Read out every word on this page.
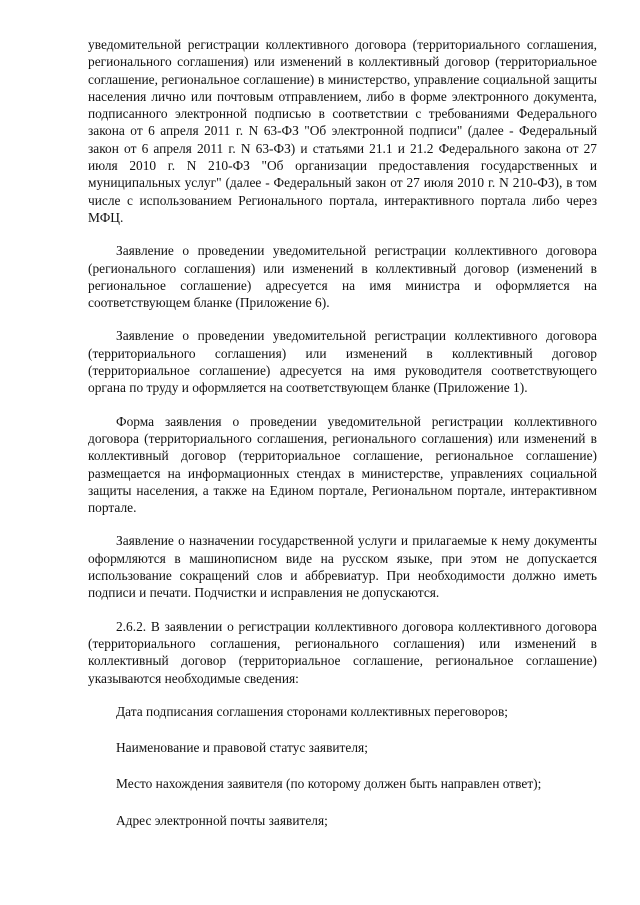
уведомительной регистрации коллективного договора (территориального соглашения, регионального соглашения) или изменений в коллективный договор (территориальное соглашение, региональное соглашение) в министерство, управление социальной защиты населения лично или почтовым отправлением, либо в форме электронного документа, подписанного электронной подписью в соответствии с требованиями Федерального закона от 6 апреля 2011 г. N 63-ФЗ "Об электронной подписи" (далее - Федеральный закон от 6 апреля 2011 г. N 63-ФЗ) и статьями 21.1 и 21.2 Федерального закона от 27 июля 2010 г. N 210-ФЗ "Об организации предоставления государственных и муниципальных услуг" (далее - Федеральный закон от 27 июля 2010 г. N 210-ФЗ), в том числе с использованием Регионального портала, интерактивного портала либо через МФЦ.

Заявление о проведении уведомительной регистрации коллективного договора (регионального соглашения) или изменений в коллективный договор (изменений в региональное соглашение) адресуется на имя министра и оформляется на соответствующем бланке (Приложение 6).

Заявление о проведении уведомительной регистрации коллективного договора (территориального соглашения) или изменений в коллективный договор (территориальное соглашение) адресуется на имя руководителя соответствующего органа по труду и оформляется на соответствующем бланке (Приложение 1).

Форма заявления о проведении уведомительной регистрации коллективного договора (территориального соглашения, регионального соглашения) или изменений в коллективный договор (территориальное соглашение, региональное соглашение) размещается на информационных стендах в министерстве, управлениях социальной защиты населения, а также на Едином портале, Региональном портале, интерактивном портале.

Заявление о назначении государственной услуги и прилагаемые к нему документы оформляются в машинописном виде на русском языке, при этом не допускается использование сокращений слов и аббревиатур. При необходимости должно иметь подписи и печати. Подчистки и исправления не допускаются.

2.6.2. В заявлении о регистрации коллективного договора коллективного договора (территориального соглашения, регионального соглашения) или изменений в коллективный договор (территориальное соглашение, региональное соглашение) указываются необходимые сведения:

Дата подписания соглашения сторонами коллективных переговоров;

Наименование и правовой статус заявителя;

Место нахождения заявителя (по которому должен быть направлен ответ);

Адрес электронной почты заявителя;
